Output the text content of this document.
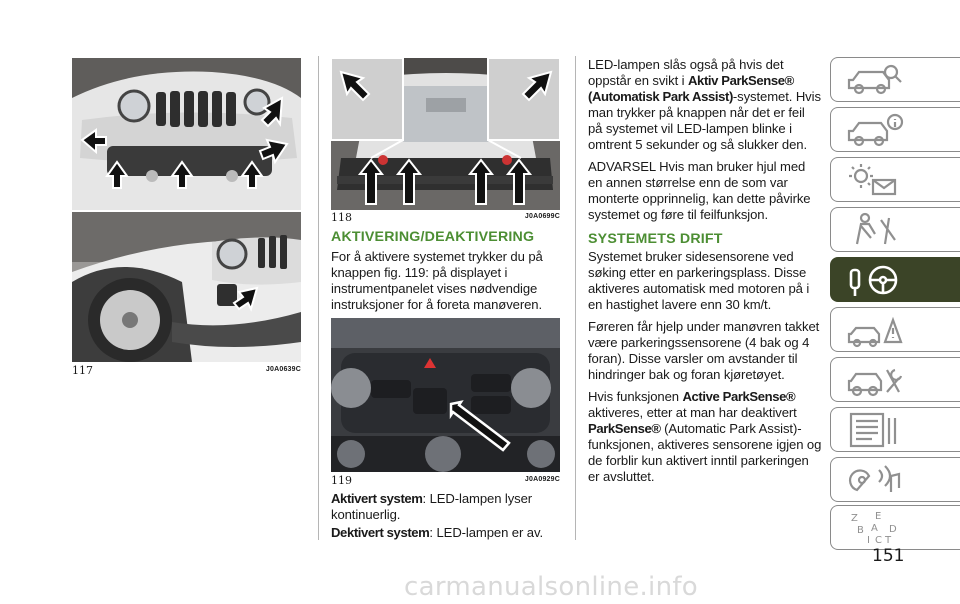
117	J0A0639C
118	J0A0699C
AKTIVERING/DEAKTIVERING

For å aktivere systemet trykker du på knappen fig. 119: på displayet i instrumentpanelet vises nødvendige instruksjoner for å foreta manøveren.

119	J0A0929C

Aktivert system: LED-lampen lyser kontinuerlig.

Dektivert system: LED-lampen er av.

LED-lampen slås også på hvis det oppstår en svikt i Aktiv ParkSense® (Automatisk Park Assist)-systemet. Hvis man trykker på knappen når det er feil på systemet vil LED-lampen blinke i omtrent 5 sekunder og så slukker den.

ADVARSEL Hvis man bruker hjul med en annen størrelse enn de som var monterte opprinnelig, kan dette påvirke systemet og føre til feilfunksjon.

SYSTEMETS DRIFT

Systemet bruker sidesensorene ved søking etter en parkeringsplass. Disse aktiveres automatisk med motoren på i en hastighet lavere enn 30 km/t.

Føreren får hjelp under manøvren takket være parkeringssensorene (4 bak og 4 foran). Disse varsler om avstander til hindringer bak og foran kjøretøyet.

Hvis funksjonen Active ParkSense® aktiveres, etter at man har deaktivert ParkSense® (Automatic Park Assist)-funksjonen, aktiveres sensorene igjen og de forblir kun aktivert inntil parkeringen er avsluttet.

Z E
B A D
I C T
151
carmanualsonline.info
